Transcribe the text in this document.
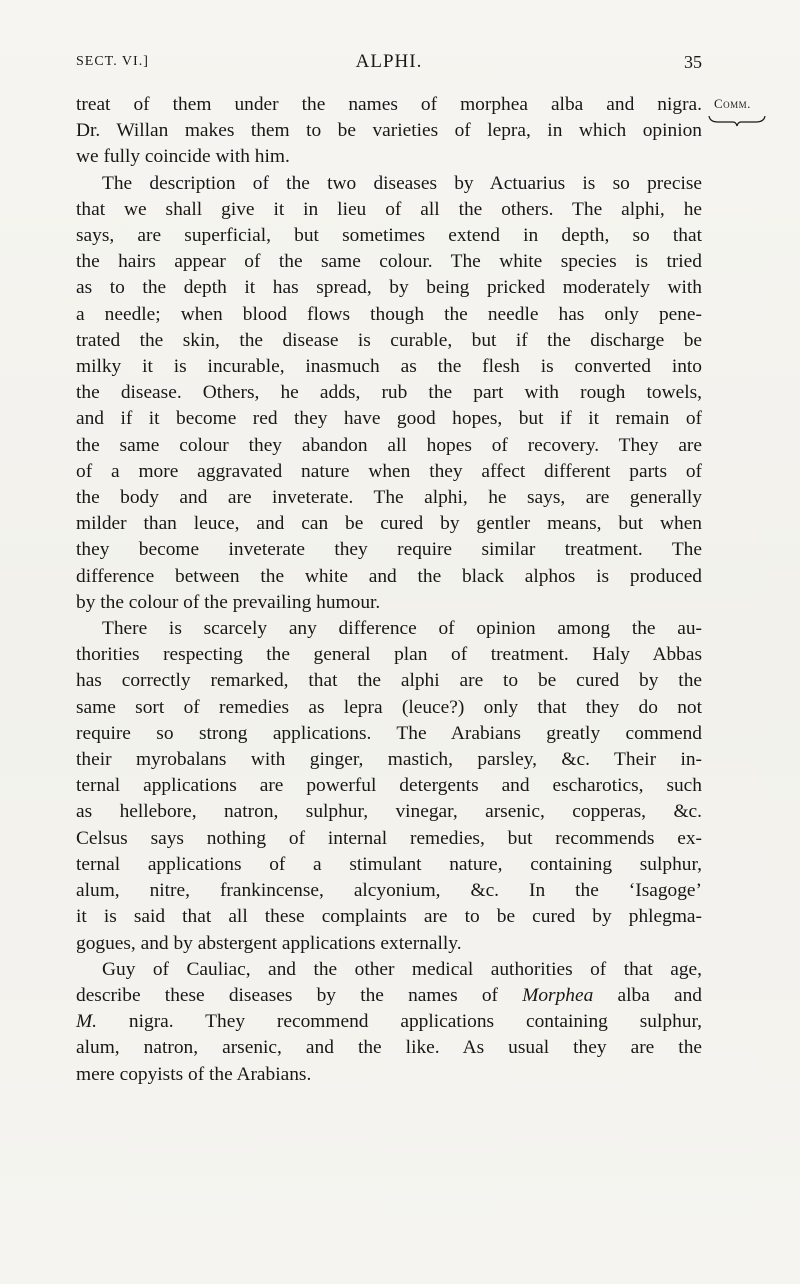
SECT. VI.]	ALPHI.	35
Comm.

treat of them under the names of morphea alba and nigra.
Dr. Willan makes them to be varieties of lepra, in which opinion
we fully coincide with him.

The description of the two diseases by Actuarius is so precise
that we shall give it in lieu of all the others. The alphi, he
says, are superficial, but sometimes extend in depth, so that
the hairs appear of the same colour. The white species is tried
as to the depth it has spread, by being pricked moderately with
a needle; when blood flows though the needle has only pene-
trated the skin, the disease is curable, but if the discharge be
milky it is incurable, inasmuch as the flesh is converted into
the disease. Others, he adds, rub the part with rough towels,
and if it become red they have good hopes, but if it remain of
the same colour they abandon all hopes of recovery. They are
of a more aggravated nature when they affect different parts of
the body and are inveterate. The alphi, he says, are generally
milder than leuce, and can be cured by gentler means, but when
they become inveterate they require similar treatment. The
difference between the white and the black alphos is produced
by the colour of the prevailing humour.

There is scarcely any difference of opinion among the au-
thorities respecting the general plan of treatment. Haly Abbas
has correctly remarked, that the alphi are to be cured by the
same sort of remedies as lepra (leuce?) only that they do not
require so strong applications. The Arabians greatly commend
their myrobalans with ginger, mastich, parsley, &c. Their in-
ternal applications are powerful detergents and escharotics, such
as hellebore, natron, sulphur, vinegar, arsenic, copperas, &c.
Celsus says nothing of internal remedies, but recommends ex-
ternal applications of a stimulant nature, containing sulphur,
alum, nitre, frankincense, alcyonium, &c. In the ‘Isagoge’
it is said that all these complaints are to be cured by phlegma-
gogues, and by abstergent applications externally.

Guy of Cauliac, and the other medical authorities of that age,
describe these diseases by the names of Morphea alba and
M. nigra. They recommend applications containing sulphur,
alum, natron, arsenic, and the like. As usual they are the
mere copyists of the Arabians.
